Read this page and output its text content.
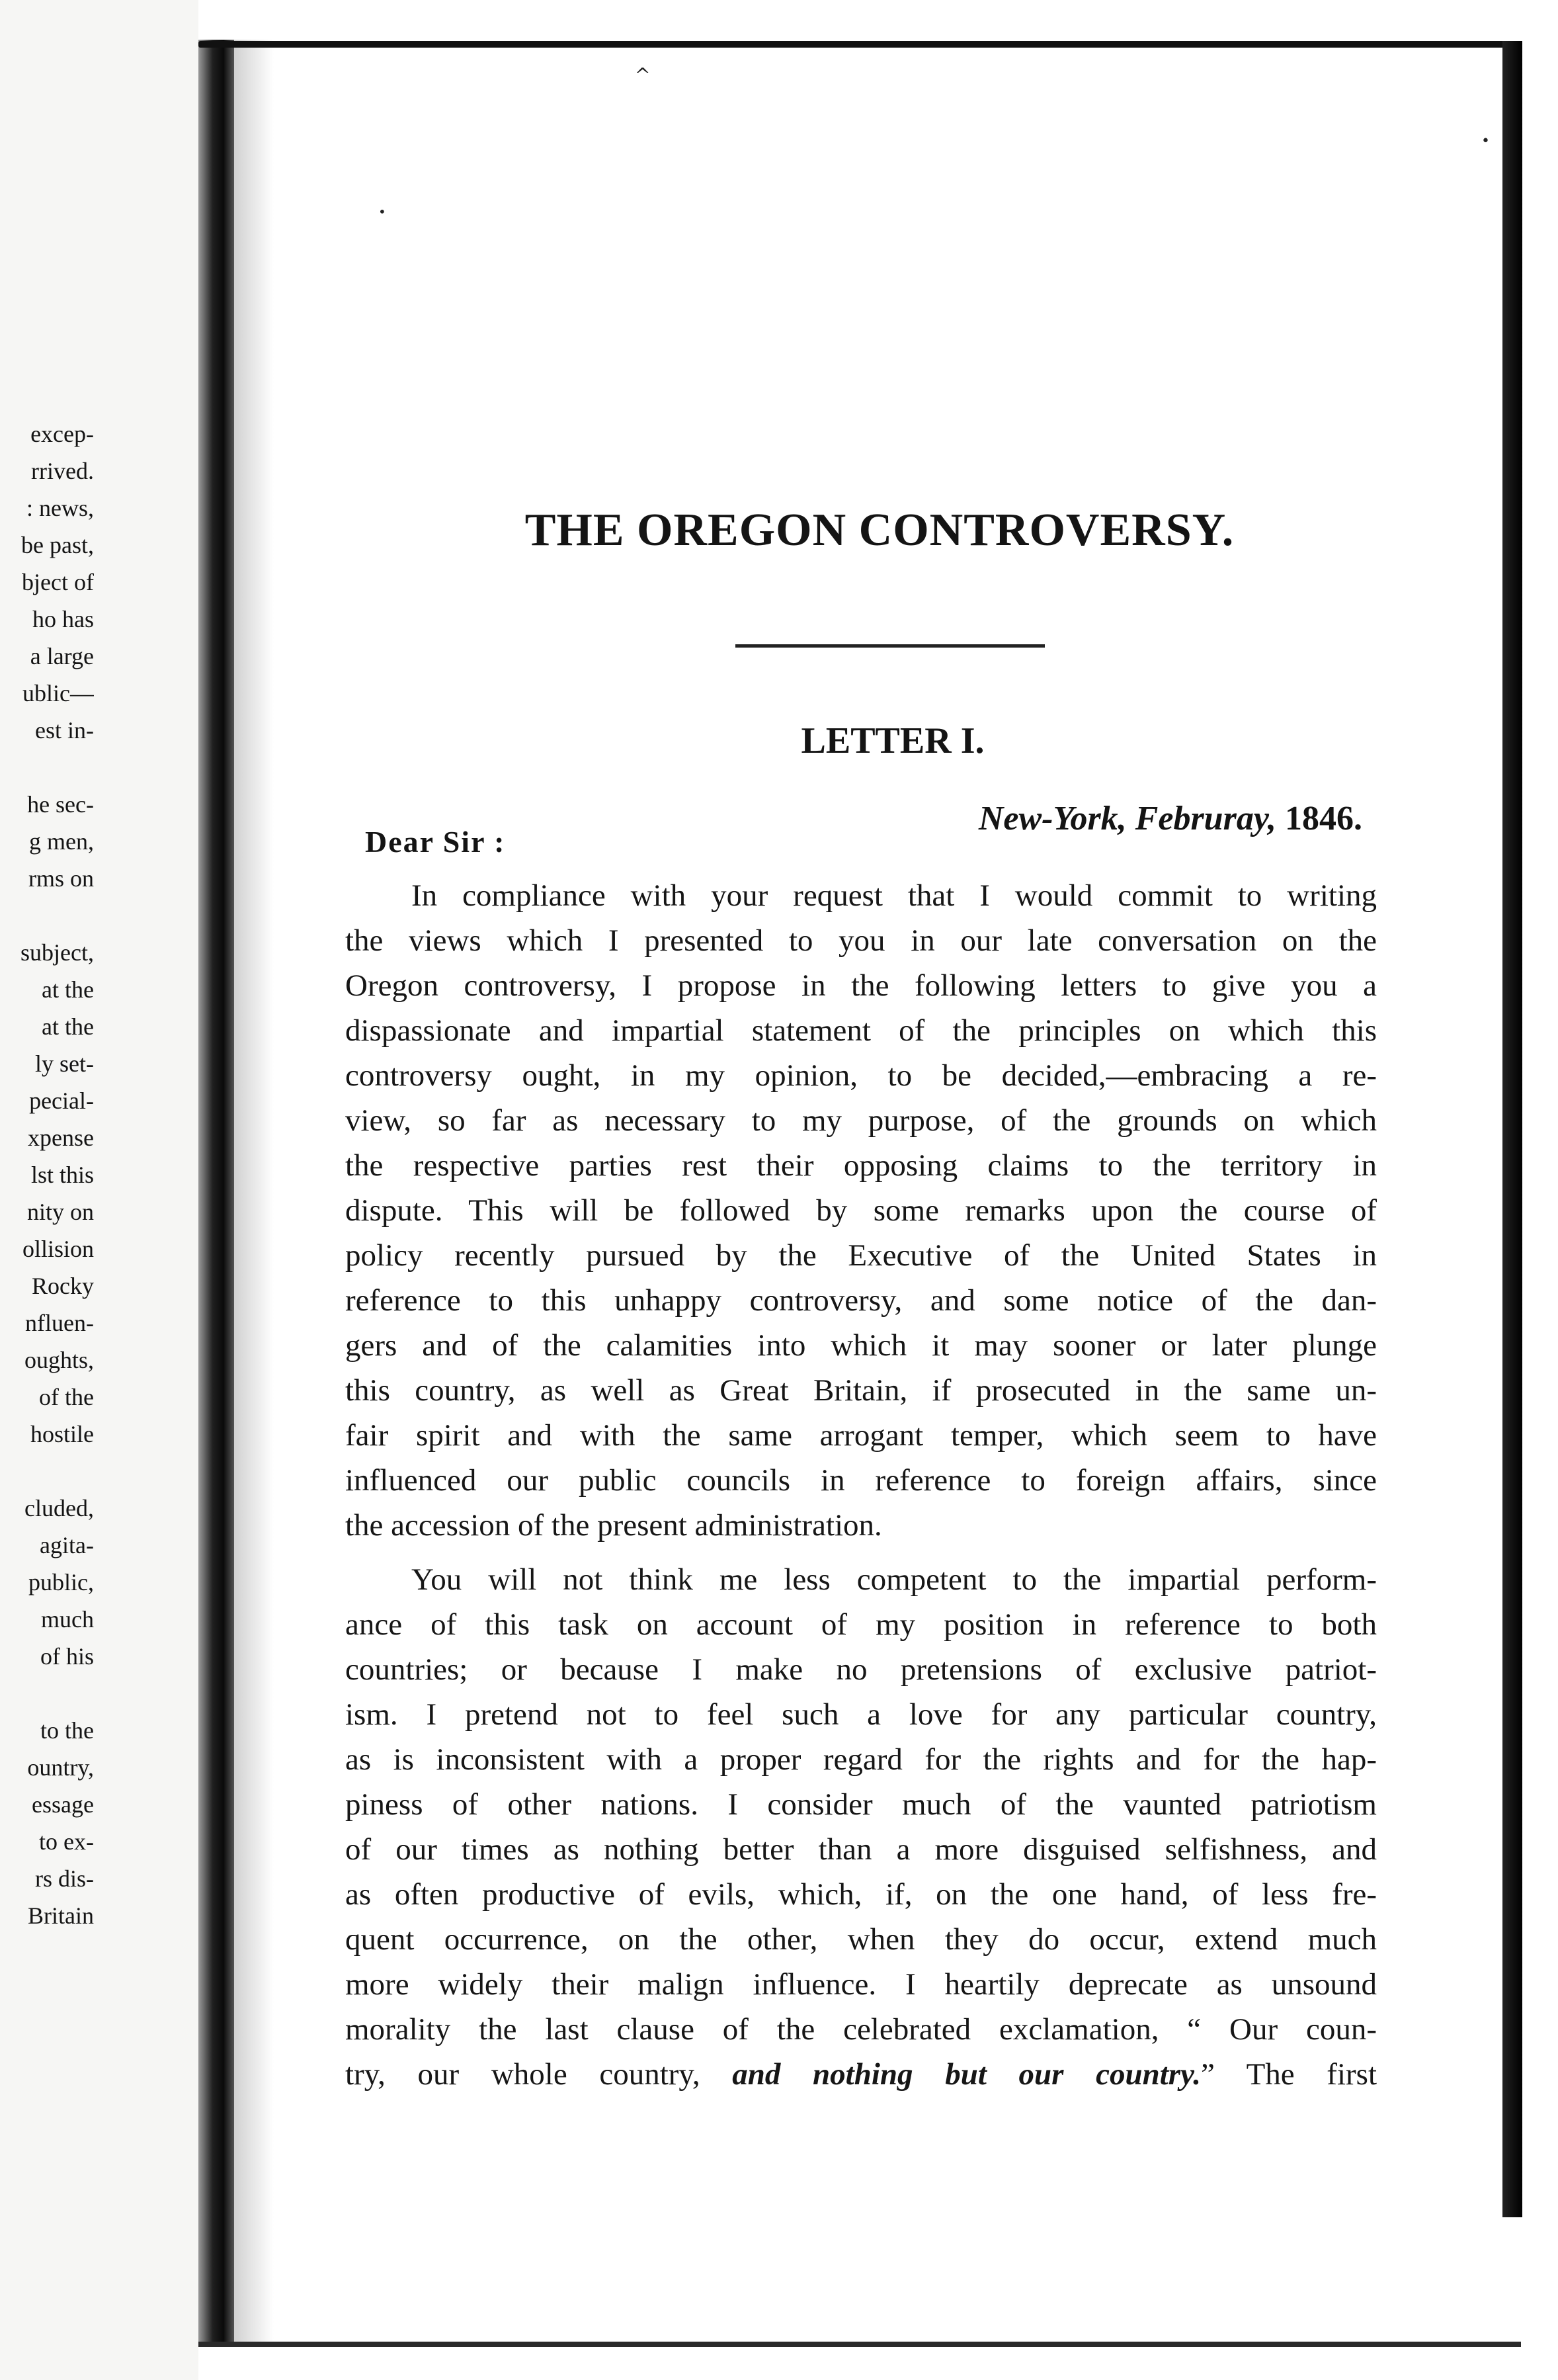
excep-
rrived.
: news,
be past,
bject of
ho has
a large
ublic—
est in-
he sec-
g men,
rms on
subject,
at the
at the
ly set-
pecial-
xpense
lst this
nity on
ollision
Rocky
nfluen-
oughts,
of the
hostile
cluded,
agita-
public,
much
of his
to the
ountry,
essage
to ex-
rs dis-
Britain
^
•
•
THE OREGON CONTROVERSY.
LETTER I.
New-York, Februray, 1846.
Dear Sir :
In compliance with your request that I would commit to writing
the views which I presented to you in our late conversation on the
Oregon controversy, I propose in the following letters to give you a
dispassionate and impartial statement of the principles on which this
controversy ought, in my opinion, to be decided,—embracing a re-
view, so far as necessary to my purpose, of the grounds on which
the respective parties rest their opposing claims to the territory in
dispute. This will be followed by some remarks upon the course of
policy recently pursued by the Executive of the United States in
reference to this unhappy controversy, and some notice of the dan-
gers and of the calamities into which it may sooner or later plunge
this country, as well as Great Britain, if prosecuted in the same un-
fair spirit and with the same arrogant temper, which seem to have
influenced our public councils in reference to foreign affairs, since
the accession of the present administration.
You will not think me less competent to the impartial perform-
ance of this task on account of my position in reference to both
countries; or because I make no pretensions of exclusive patriot-
ism. I pretend not to feel such a love for any particular country,
as is inconsistent with a proper regard for the rights and for the hap-
piness of other nations. I consider much of the vaunted patriotism
of our times as nothing better than a more disguised selfishness, and
as often productive of evils, which, if, on the one hand, of less fre-
quent occurrence, on the other, when they do occur, extend much
more widely their malign influence. I heartily deprecate as unsound
morality the last clause of the celebrated exclamation, “ Our coun-
try, our whole country, and nothing but our country.” The first
